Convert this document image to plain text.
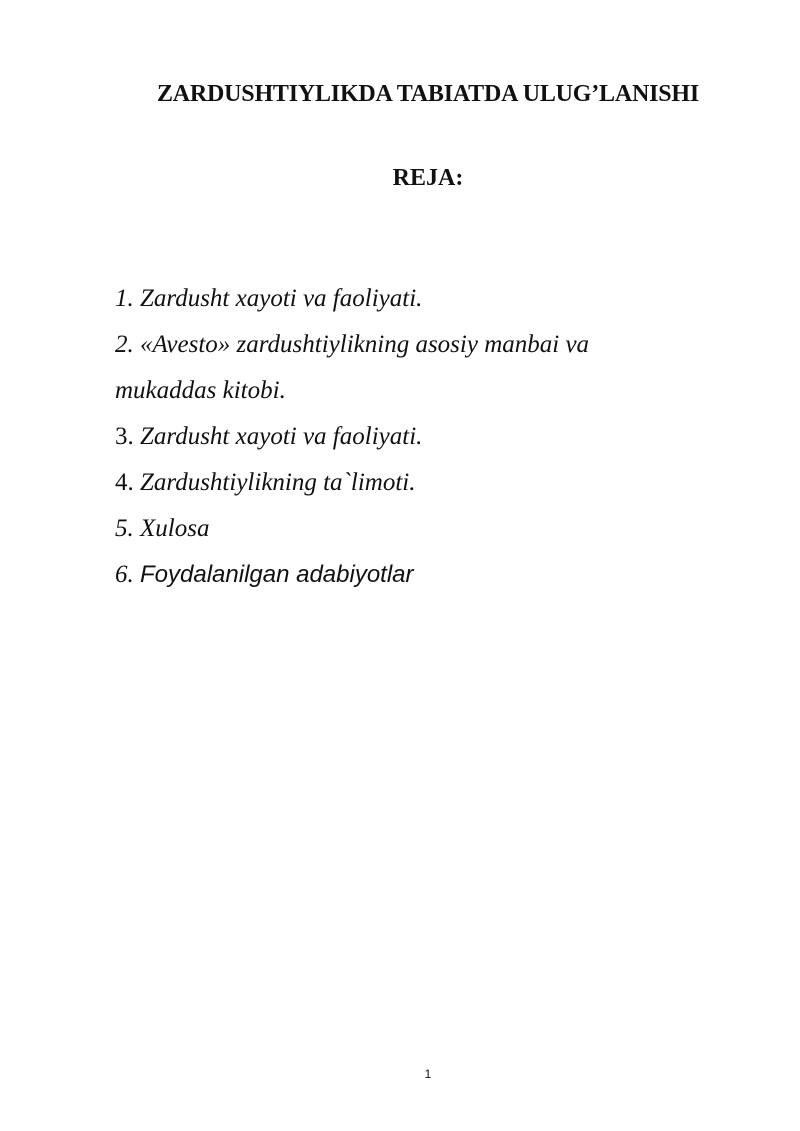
ZARDUSHTIYLIKDA TABIATDA ULUG’LANISHI
REJA:
1. Zardusht xayoti va faoliyati.
2. «Avesto» zardushtiylikning asosiy manbai va
mukaddas kitobi.
3. Zardusht xayoti va faoliyati.
4. Zardushtiylikning ta`limoti.
5. Xulosa
6. Foydalanilgan adabiyotlar
1
